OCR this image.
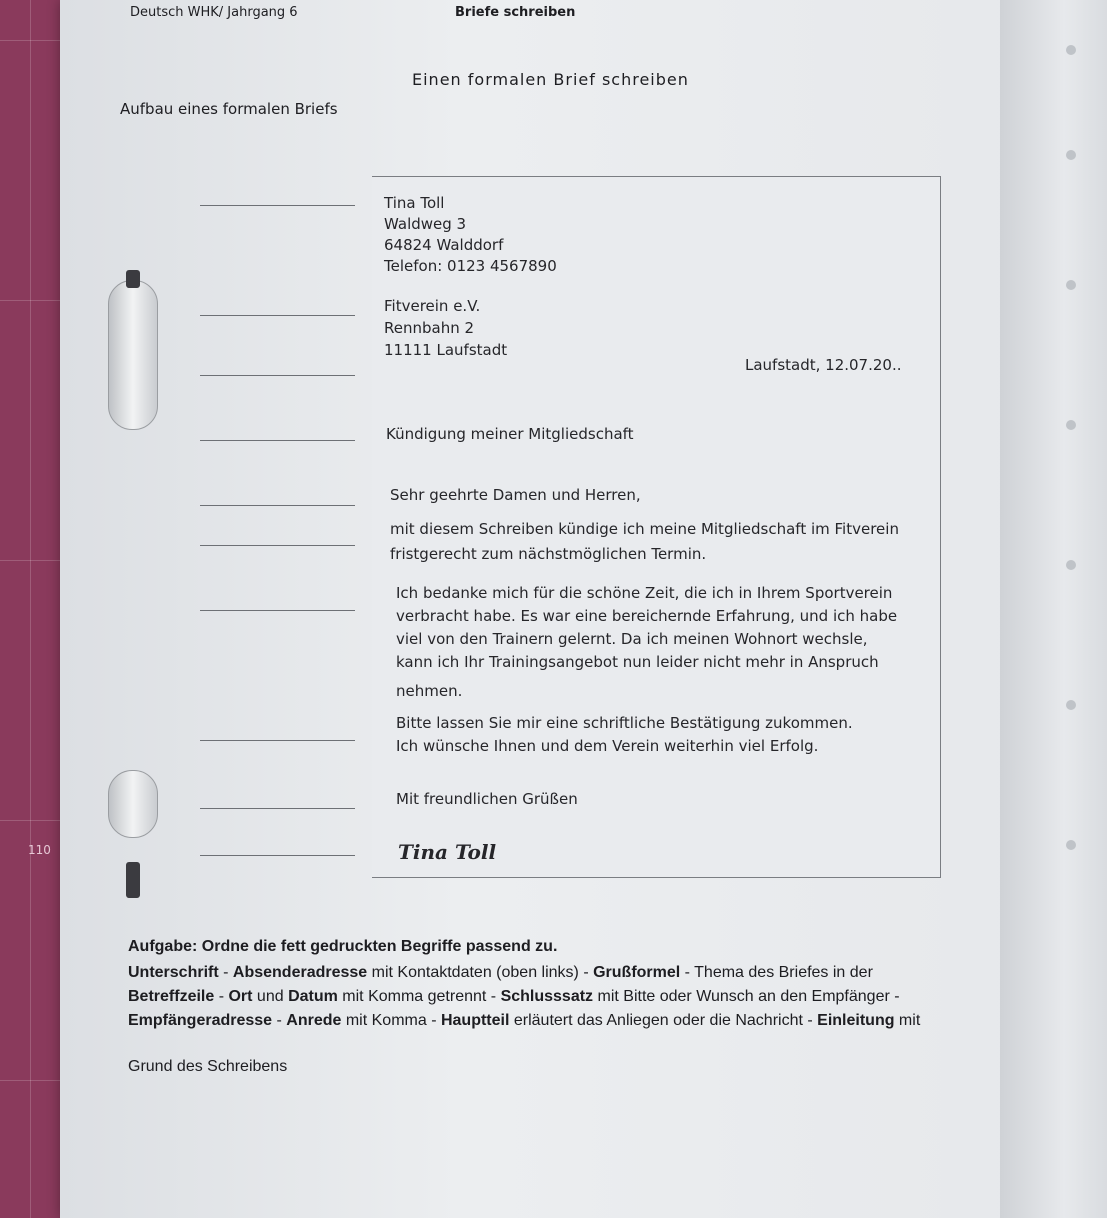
110
Deutsch WHK/ Jahrgang 6	Briefe schreiben
Einen formalen Brief schreiben
Aufbau eines formalen Briefs
Tina Toll
Waldweg 3
64824 Walddorf
Telefon: 0123 4567890
Fitverein e.V.
Rennbahn 2
11111 Laufstadt
Laufstadt, 12.07.20..
Kündigung meiner Mitgliedschaft
Sehr geehrte Damen und Herren,
mit diesem Schreiben kündige ich meine Mitgliedschaft im Fitverein
fristgerecht zum nächstmöglichen Termin.
Ich bedanke mich für die schöne Zeit, die ich in Ihrem Sportverein
verbracht habe. Es war eine bereichernde Erfahrung, und ich habe
viel von den Trainern gelernt. Da ich meinen Wohnort wechsle,
kann ich Ihr Trainingsangebot nun leider nicht mehr in Anspruch
nehmen.
Bitte lassen Sie mir eine schriftliche Bestätigung zukommen.
Ich wünsche Ihnen und dem Verein weiterhin viel Erfolg.
Mit freundlichen Grüßen
Tina Toll
Aufgabe: Ordne die fett gedruckten Begriffe passend zu.
Unterschrift - Absenderadresse mit Kontaktdaten (oben links) - Grußformel - Thema des Briefes in der
Betreffzeile - Ort und Datum mit Komma getrennt - Schlusssatz mit Bitte oder Wunsch an den Empfänger -
Empfängeradresse - Anrede mit Komma - Hauptteil erläutert das Anliegen oder die Nachricht - Einleitung mit
Grund des Schreibens
